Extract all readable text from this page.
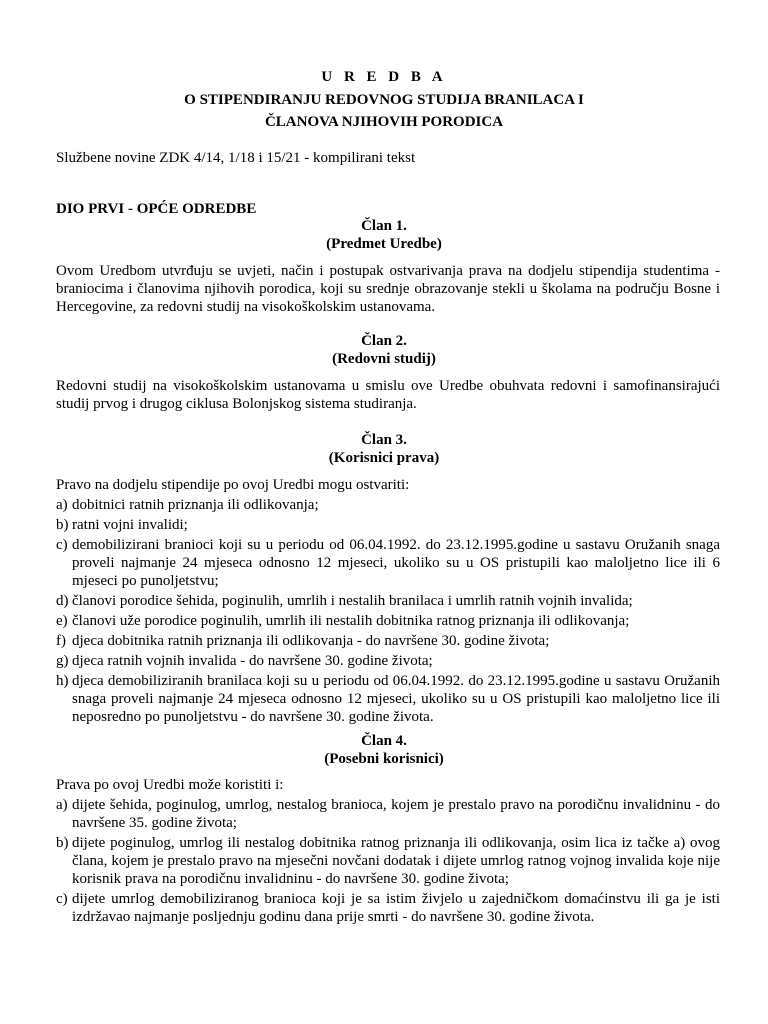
U R E D B A
O STIPENDIRANJU REDOVNOG STUDIJA BRANILACA I
ČLANOVA NJIHOVIH PORODICA
Službene novine ZDK 4/14, 1/18 i 15/21 - kompilirani tekst
DIO PRVI - OPĆE ODREDBE
Član 1.
(Predmet Uredbe)
Ovom Uredbom utvrđuju se uvjeti, način i postupak ostvarivanja prava na dodjelu stipendija studentima - braniocima i članovima njihovih porodica, koji su srednje obrazovanje stekli u školama na području Bosne i Hercegovine, za redovni studij na visokoškolskim ustanovama.
Član 2.
(Redovni studij)
Redovni studij na visokoškolskim ustanovama u smislu ove Uredbe obuhvata redovni i samofinansirajući studij prvog i drugog ciklusa Bolonjskog sistema studiranja.
Član 3.
(Korisnici prava)
Pravo na dodjelu stipendije po ovoj Uredbi mogu ostvariti:
a) dobitnici ratnih priznanja ili odlikovanja;
b) ratni vojni invalidi;
c) demobilizirani branioci koji su u periodu od 06.04.1992. do 23.12.1995.godine u sastavu Oružanih snaga proveli najmanje 24 mjeseca odnosno 12 mjeseci, ukoliko su u OS pristupili kao maloljetno lice ili 6 mjeseci po punoljetstvu;
d) članovi porodice šehida, poginulih, umrlih i nestalih branilaca i umrlih ratnih vojnih invalida;
e) članovi uže porodice poginulih, umrlih ili nestalih dobitnika ratnog priznanja ili odlikovanja;
f) djeca dobitnika ratnih priznanja ili odlikovanja - do navršene 30. godine života;
g) djeca ratnih vojnih invalida - do navršene 30. godine života;
h) djeca demobiliziranih branilaca koji su u periodu od 06.04.1992. do 23.12.1995.godine u sastavu Oružanih snaga proveli najmanje 24 mjeseca odnosno 12 mjeseci, ukoliko su u OS pristupili kao maloljetno lice ili neposredno po punoljetstvu - do navršene 30. godine života.
Član 4.
(Posebni korisnici)
Prava po ovoj Uredbi može koristiti i:
a) dijete šehida, poginulog, umrlog, nestalog branioca, kojem je prestalo pravo na porodičnu invalidninu - do navršene 35. godine života;
b) dijete poginulog, umrlog ili nestalog dobitnika ratnog priznanja ili odlikovanja, osim lica iz tačke a) ovog člana, kojem je prestalo pravo na mjesečni novčani dodatak i dijete umrlog ratnog vojnog invalida koje nije korisnik prava na porodičnu invalidninu - do navršene 30. godine života;
c) dijete umrlog demobiliziranog branioca koji je sa istim živjelo u zajedničkom domaćinstvu ili ga je isti izdržavao najmanje posljednju godinu dana prije smrti - do navršene 30. godine života.
